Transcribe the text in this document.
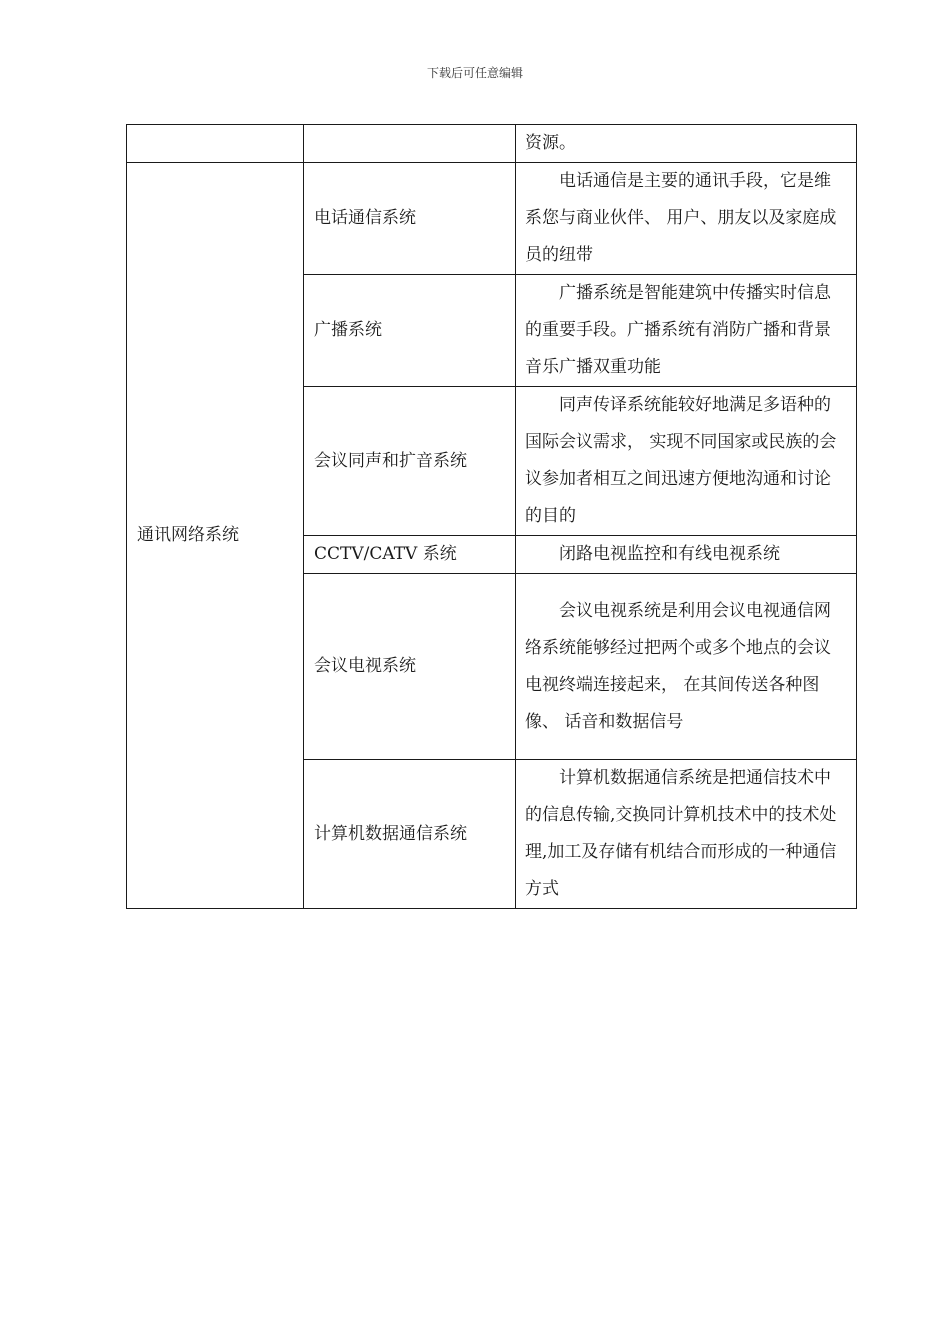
下载后可任意编辑

		资源。

通讯网络系统	电话通信系统	电话通信是主要的通讯手段，它是维系您与商业伙伴、 用户、朋友以及家庭成员的纽带

	广播系统	广播系统是智能建筑中传播实时信息的重要手段。广播系统有消防广播和背景音乐广播双重功能

	会议同声和扩音系统	同声传译系统能较好地满足多语种的国际会议需求， 实现不同国家或民族的会议参加者相互之间迅速方便地沟通和讨论的目的

	CCTV/CATV 系统	闭路电视监控和有线电视系统

	会议电视系统	会议电视系统是利用会议电视通信网络系统能够经过把两个或多个地点的会议电视终端连接起来， 在其间传送各种图像、 话音和数据信号

	计算机数据通信系统	计算机数据通信系统是把通信技术中的信息传输,交换同计算机技术中的技术处理,加工及存储有机结合而形成的一种通信方式
